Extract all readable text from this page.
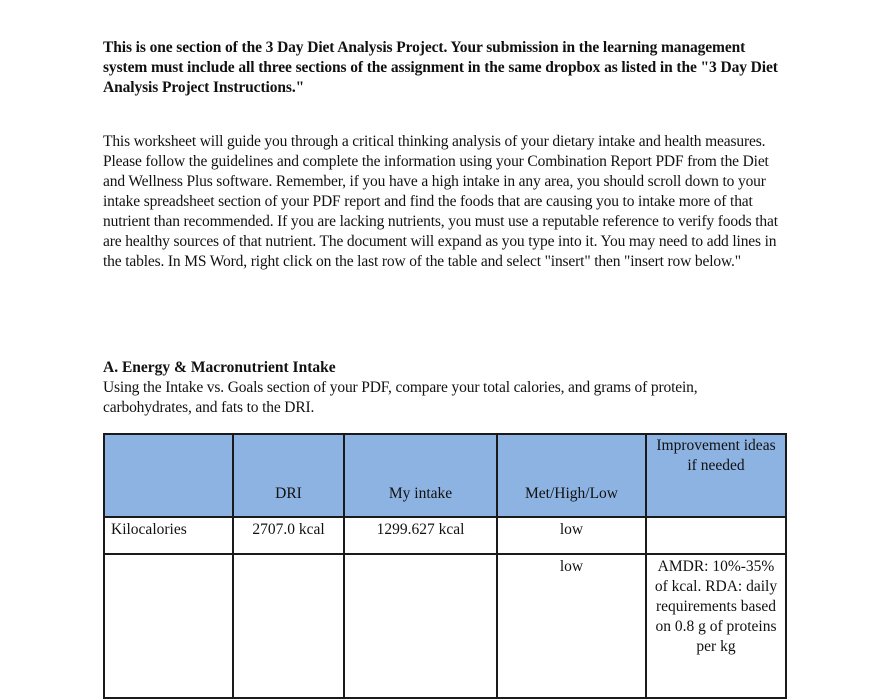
This is one section of the 3 Day Diet Analysis Project. Your submission in the learning management system must include all three sections of the assignment in the same dropbox as listed in the "3 Day Diet Analysis Project Instructions."
This worksheet will guide you through a critical thinking analysis of your dietary intake and health measures. Please follow the guidelines and complete the information using your Combination Report PDF from the Diet and Wellness Plus software. Remember, if you have a high intake in any area, you should scroll down to your intake spreadsheet section of your PDF report and find the foods that are causing you to intake more of that nutrient than recommended. If you are lacking nutrients, you must use a reputable reference to verify foods that are healthy sources of that nutrient. The document will expand as you type into it. You may need to add lines in the tables. In MS Word, right click on the last row of the table and select "insert" then "insert row below."
A. Energy & Macronutrient Intake
Using the Intake vs. Goals section of your PDF, compare your total calories, and grams of protein, carbohydrates, and fats to the DRI.
	DRI	My intake	Met/High/Low	Improvement ideas if needed
Kilocalories	2707.0 kcal	1299.627 kcal	low	
			low	AMDR: 10%-35% of kcal. RDA: daily requirements based on 0.8 g of proteins per kg
